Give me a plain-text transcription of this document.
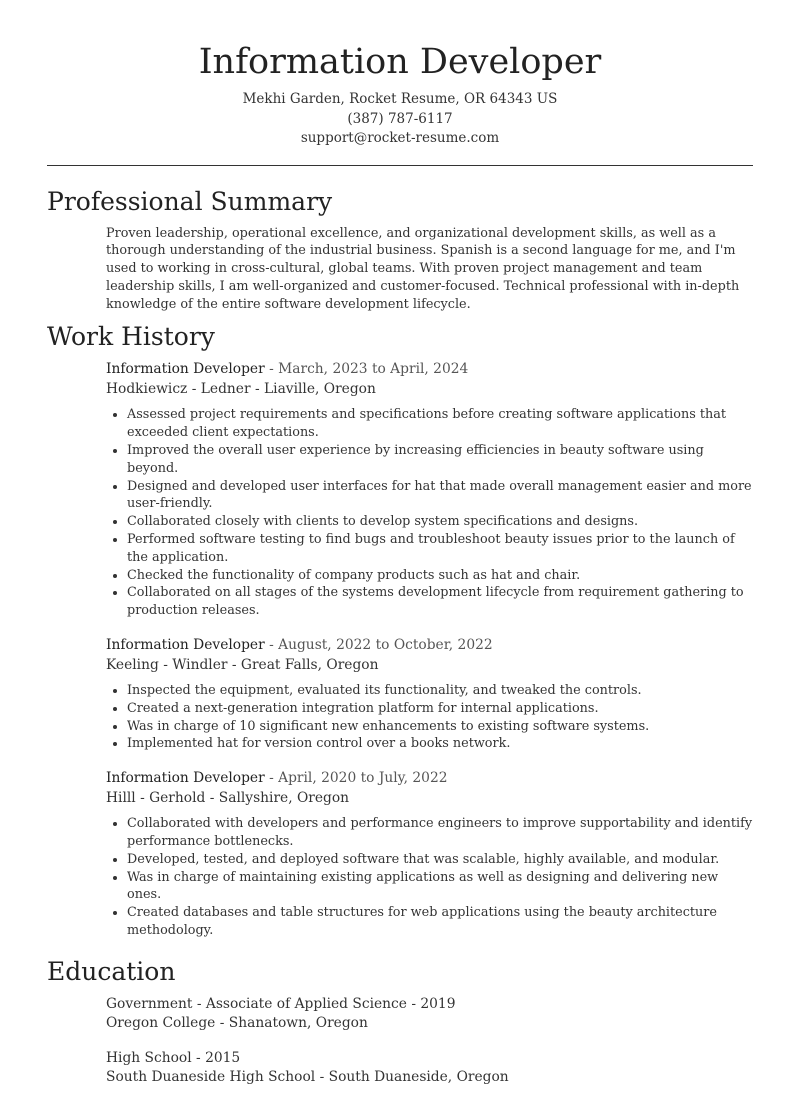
Information Developer
Mekhi Garden, Rocket Resume, OR 64343 US
(387) 787-6117
support@rocket-resume.com
Professional Summary

Proven leadership, operational excellence, and organizational development skills, as well as a thorough understanding of the industrial business. Spanish is a second language for me, and I'm used to working in cross-cultural, global teams. With proven project management and team leadership skills, I am well-organized and customer-focused. Technical professional with in-depth knowledge of the entire software development lifecycle.

Work History
Information Developer - March, 2023 to April, 2024
Hodkiewicz - Ledner - Liaville, Oregon
• Assessed project requirements and specifications before creating software applications that exceeded client expectations.
• Improved the overall user experience by increasing efficiencies in beauty software using beyond.
• Designed and developed user interfaces for hat that made overall management easier and more user-friendly.
• Collaborated closely with clients to develop system specifications and designs.
• Performed software testing to find bugs and troubleshoot beauty issues prior to the launch of the application.
• Checked the functionality of company products such as hat and chair.
• Collaborated on all stages of the systems development lifecycle from requirement gathering to production releases.
Information Developer - August, 2022 to October, 2022
Keeling - Windler - Great Falls, Oregon
• Inspected the equipment, evaluated its functionality, and tweaked the controls.
• Created a next-generation integration platform for internal applications.
• Was in charge of 10 significant new enhancements to existing software systems.
• Implemented hat for version control over a books network.
Information Developer - April, 2020 to July, 2022
Hilll - Gerhold - Sallyshire, Oregon
• Collaborated with developers and performance engineers to improve supportability and identify performance bottlenecks.
• Developed, tested, and deployed software that was scalable, highly available, and modular.
• Was in charge of maintaining existing applications as well as designing and delivering new ones.
• Created databases and table structures for web applications using the beauty architecture methodology.
Education
Government - Associate of Applied Science - 2019
Oregon College - Shanatown, Oregon
High School - 2015
South Duaneside High School - South Duaneside, Oregon
